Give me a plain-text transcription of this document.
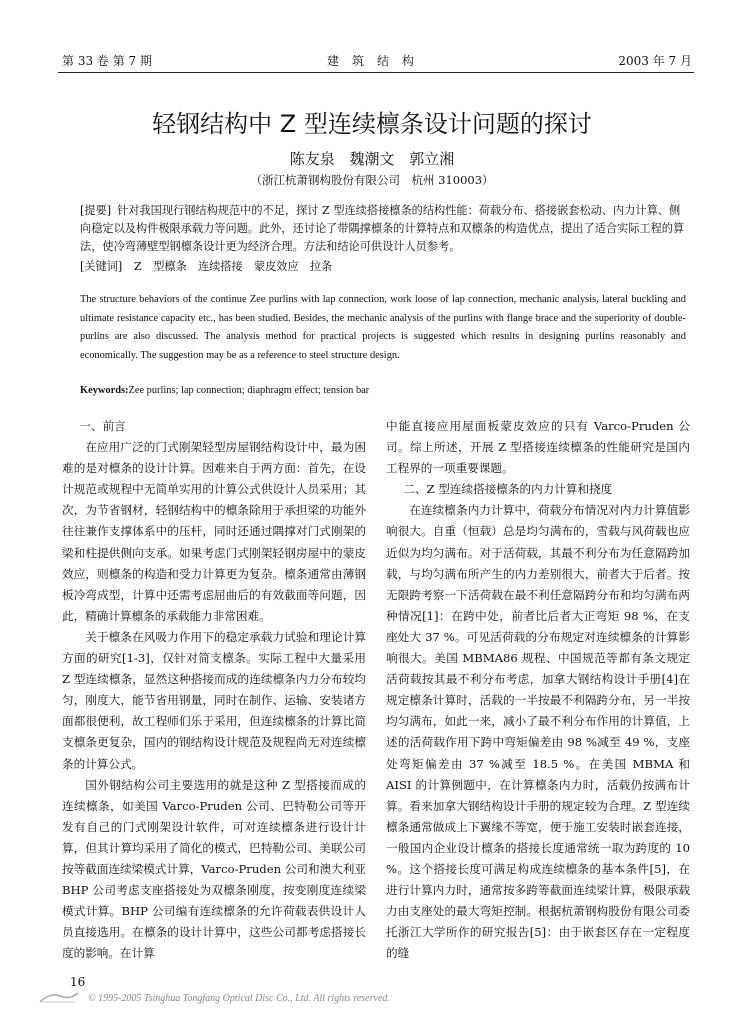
第 33 卷 第 7 期	建筑结构	2003 年 7 月
轻钢结构中 Z 型连续檩条设计问题的探讨
陈友泉 魏潮文 郭立湘
（浙江杭萧钢构股份有限公司　杭州 310003）
[提要] 针对我国现行钢结构规范中的不足，探讨 Z 型连续搭接檩条的结构性能：荷载分布、搭接嵌套松动、内力计算、侧向稳定以及构件极限承载力等问题。此外，还讨论了带隅撑檩条的计算特点和双檩条的构造优点，提出了适合实际工程的算法，使冷弯薄壁型钢檩条设计更为经济合理。方法和结论可供设计人员参考。
[关键词] Z 型檩条　连续搭接　蒙皮效应　拉条
The structure behaviors of the continue Zee purlins with lap connection, work loose of lap connection, mechanic analysis, lateral buckling and ultimate resistance capacity etc., has been studied. Besides, the mechanic analysis of the purlins with flange brace and the superiority of double-purlins are also discussed. The analysis method for practical projects is suggested which results in designing purlins reasonably and economically. The suggestion may be as a reference to steel structure design.
Keywords:Zee purlins; lap connection; diaphragm effect; tension bar

一、前言

在应用广泛的门式刚架轻型房屋钢结构设计中，最为困难的是对檩条的设计计算。因难来自于两方面：首先，在设计规范或规程中无简单实用的计算公式供设计人员采用；其次，为节省钢材，轻钢结构中的檩条除用于承担梁的功能外往往兼作支撑体系中的压杆，同时还通过隅撑对门式刚架的梁和柱提供侧向支承。如果考虑门式刚架轻钢房屋中的蒙皮效应，则檩条的构造和受力计算更为复杂。檩条通常由薄钢板冷弯成型，计算中还需考虑屈曲后的有效截面等问题，因此，精确计算檩条的承载能力非常困难。

关于檩条在风吸力作用下的稳定承载力试验和理论计算方面的研究[1-3]，仅针对简支檩条。实际工程中大量采用 Z 型连续檩条，显然这种搭接而成的连续檩条内力分布较均匀，刚度大，能节省用钢量，同时在制作、运输、安装诸方面都很便利，故工程师们乐于采用，但连续檩条的计算比简支檩条更复杂，国内的钢结构设计规范及规程尚无对连续檩条的计算公式。

国外钢结构公司主要选用的就是这种 Z 型搭接而成的连续檩条，如美国 Varco-Pruden 公司、巴特勒公司等开发有自己的门式刚架设计软件，可对连续檩条进行设计计算，但其计算均采用了简化的模式，巴特勒公司、美联公司按等截面连续梁模式计算，Varco-Pruden 公司和澳大利亚 BHP 公司考虑支座搭接处为双檩条刚度，按变刚度连续梁模式计算。BHP 公司编有连续檩条的允许荷载表供设计人员直接选用。在檩条的设计计算中，这些公司都考虑搭接长度的影响。在计算

中能直接应用屋面板蒙皮效应的只有 Varco-Pruden 公司。综上所述，开展 Z 型搭接连续檩条的性能研究是国内工程界的一项重要课题。

二、Z 型连续搭接檩条的内力计算和挠度

在连续檩条内力计算中，荷载分布情况对内力计算值影响很大。自重（恒载）总是均匀满布的，雪载与风荷载也应近似为均匀满布。对于活荷载，其最不利分布为任意隔跨加载，与均匀满布所产生的内力差别很大，前者大于后者。按无限跨考察一下活荷载在最不利任意隔跨分布和均匀满布两种情况[1]：在跨中处，前者比后者大正弯矩 98 %，在支座处大 37 %。可见活荷载的分布规定对连续檩条的计算影响很大。美国 MBMA86 规程、中国规范等都有条文规定活荷载按其最不利分布考虑，加拿大钢结构设计手册[4]在规定檩条计算时，活载的一半按最不利隔跨分布，另一半按均匀满布，如此一来，减小了最不利分布作用的计算值，上述的活荷载作用下跨中弯矩偏差由 98 %减至 49 %，支座处弯矩偏差由 37 %减至 18.5 %。在美国 MBMA 和 AISI 的计算例题中，在计算檩条内力时，活载仍按满布计算。看来加拿大钢结构设计手册的规定较为合理。Z 型连续檩条通常做成上下翼缘不等宽，便于施工安装时嵌套连接，一般国内企业设计檩条的搭接长度通常统一取为跨度的 10 %。这个搭接长度可满足构成连续檩条的基本条件[5]，在进行计算内力时，通常按多跨等截面连续梁计算，极限承载力由支座处的最大弯矩控制。根据杭萧钢构股份有限公司委托浙江大学所作的研究报告[5]：由于嵌套区存在一定程度的缝

16
© 1995-2005 Tsinghua Tongfang Optical Disc Co., Ltd. All rights reserved.
